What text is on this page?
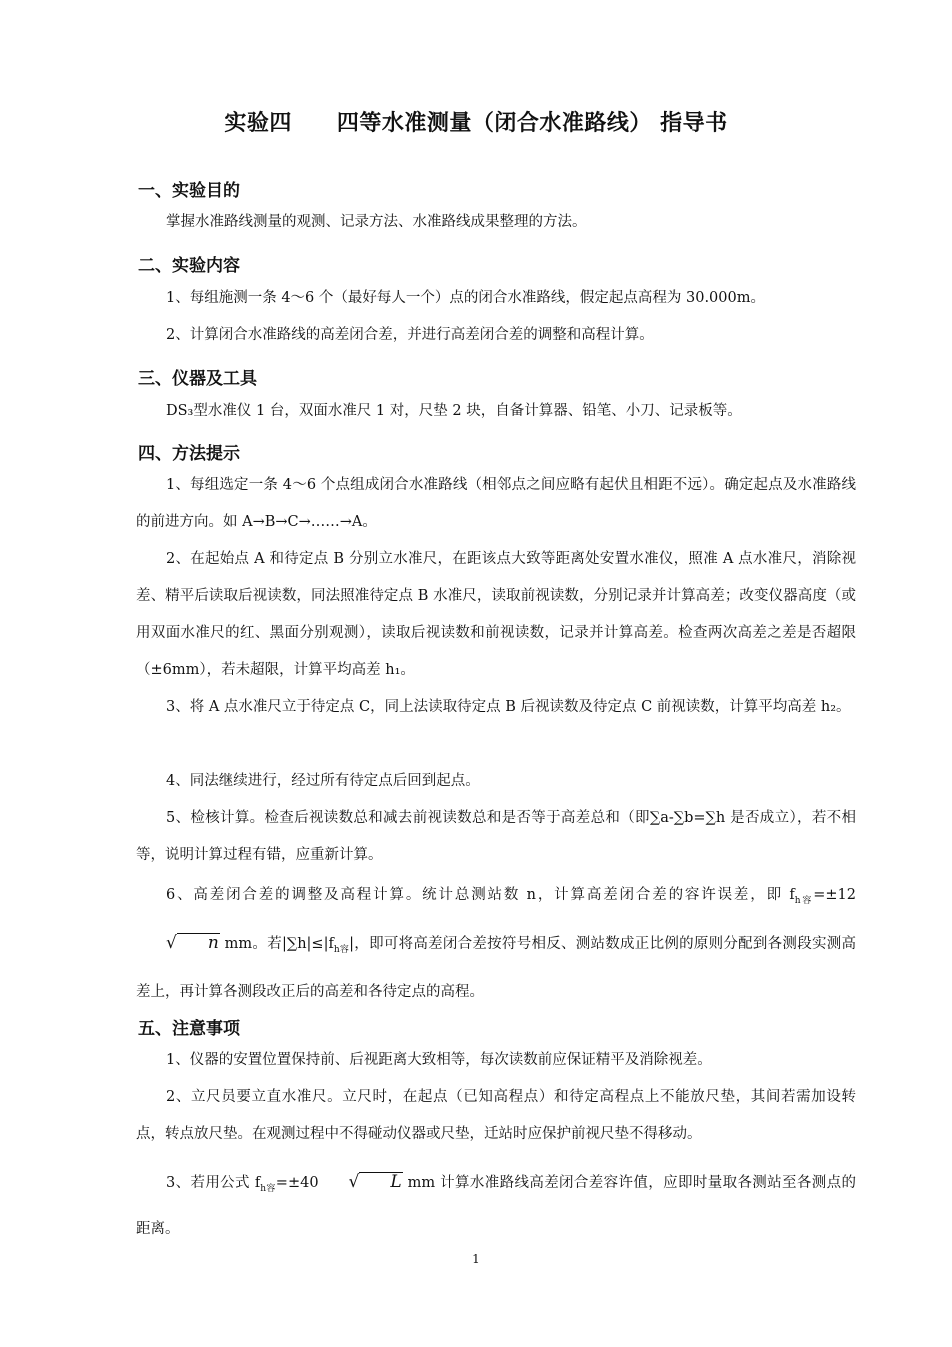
实验四　　四等水准测量（闭合水准路线） 指导书
一、实验目的

掌握水准路线测量的观测、记录方法、水准路线成果整理的方法。

二、实验内容

1、每组施测一条 4～6 个（最好每人一个）点的闭合水准路线，假定起点高程为 30.000m。

2、计算闭合水准路线的高差闭合差，并进行高差闭合差的调整和高程计算。

三、仪器及工具

DS₃型水准仪 1 台，双面水准尺 1 对，尺垫 2 块，自备计算器、铅笔、小刀、记录板等。

四、方法提示

1、每组选定一条 4～6 个点组成闭合水准路线（相邻点之间应略有起伏且相距不远）。确定起点及水准路线的前进方向。如 A→B→C→……→A。

2、在起始点 A 和待定点 B 分别立水准尺，在距该点大致等距离处安置水准仪，照准 A 点水准尺，消除视差、精平后读取后视读数，同法照准待定点 B 水准尺，读取前视读数，分别记录并计算高差；改变仪器高度（或用双面水准尺的红、黑面分别观测），读取后视读数和前视读数，记录并计算高差。检查两次高差之差是否超限（±6mm），若未超限，计算平均高差 h₁。

3、将 A 点水准尺立于待定点 C，同上法读取待定点 B 后视读数及待定点 C 前视读数，计算平均高差 h₂。

4、同法继续进行，经过所有待定点后回到起点。

5、检核计算。检查后视读数总和减去前视读数总和是否等于高差总和（即∑a-∑b=∑h 是否成立），若不相等，说明计算过程有错，应重新计算。

6、高差闭合差的调整及高程计算。统计总测站数 n，计算高差闭合差的容许误差，即 $f_{h容}=\pm 12√$ n mm。若$|\sum h|\le|f_{h容}|$，即可将高差闭合差按符号相反、测站数成正比例的原则分配到各测段实测高差上，再计算各测段改正后的高差和各待定点的高程。

五、注意事项

1、仪器的安置位置保持前、后视距离大致相等，每次读数前应保证精平及消除视差。

2、立尺员要立直水准尺。立尺时，在起点（已知高程点）和待定高程点上不能放尺垫，其间若需加设转点，转点放尺垫。在观测过程中不得碰动仪器或尺垫，迁站时应保护前视尺垫不得移动。

3、若用公式 $f_{h容}=\pm 40$ √ L mm 计算水准路线高差闭合差容许值，应即时量取各测站至各测点的距离。

1
